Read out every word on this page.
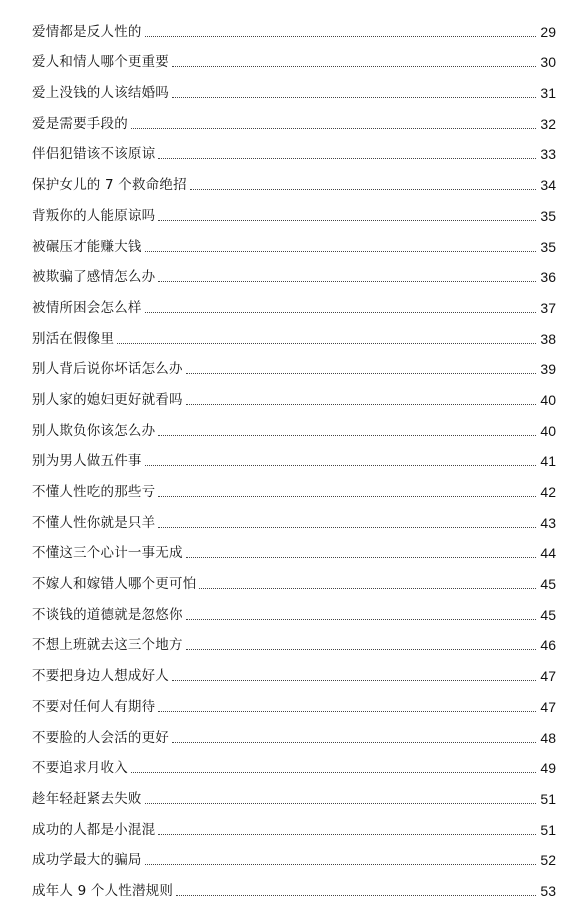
爱情都是反人性的	29
爱人和情人哪个更重要	30
爱上没钱的人该结婚吗	31
爱是需要手段的	32
伴侣犯错该不该原谅	33
保护女儿的 7 个救命绝招	34
背叛你的人能原谅吗	35
被碾压才能赚大钱	35
被欺骗了感情怎么办	36
被情所困会怎么样	37
别活在假像里	38
别人背后说你坏话怎么办	39
别人家的媳妇更好就看吗	40
别人欺负你该怎么办	40
别为男人做五件事	41
不懂人性吃的那些亏	42
不懂人性你就是只羊	43
不懂这三个心计一事无成	44
不嫁人和嫁错人哪个更可怕	45
不谈钱的道德就是忽悠你	45
不想上班就去这三个地方	46
不要把身边人想成好人	47
不要对任何人有期待	47
不要脸的人会活的更好	48
不要追求月收入	49
趁年轻赶紧去失败	51
成功的人都是小混混	51
成功学最大的骗局	52
成年人 9 个人性潜规则	53
